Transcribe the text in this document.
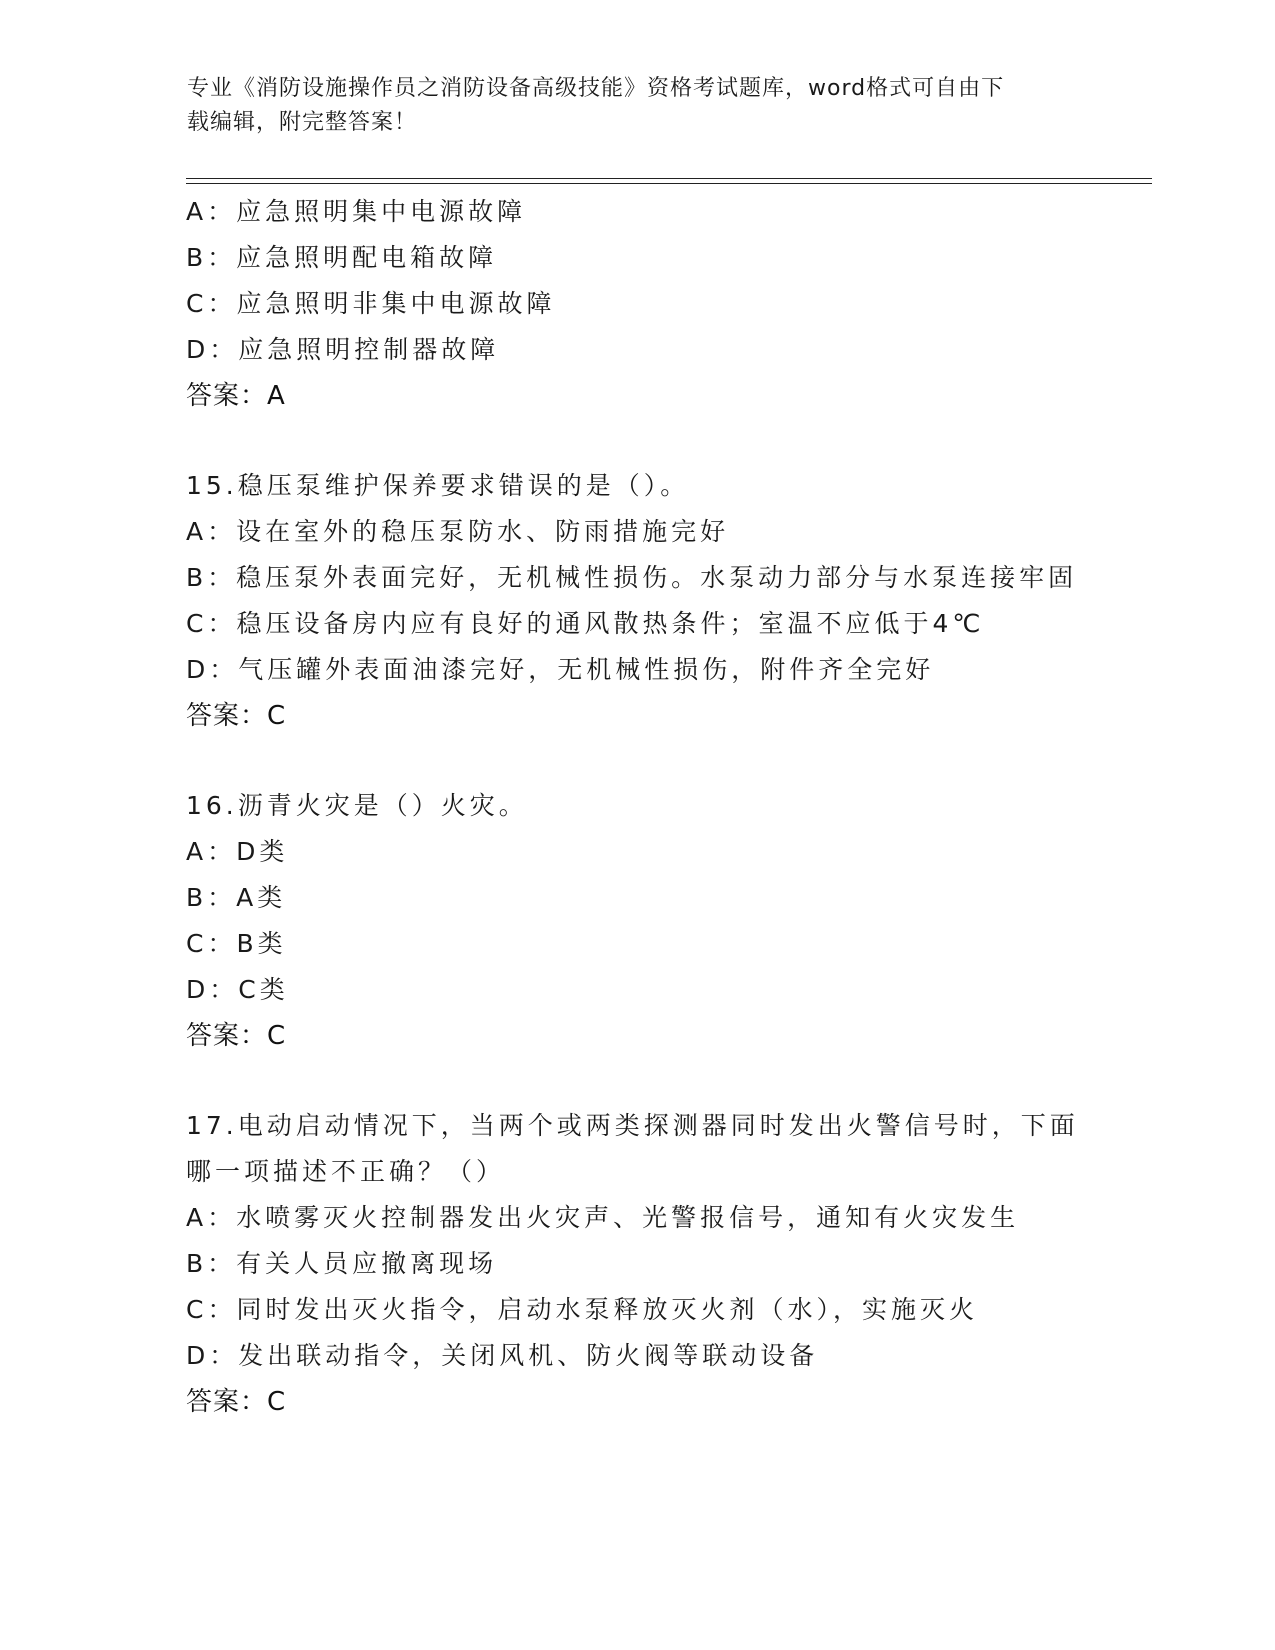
专业《消防设施操作员之消防设备高级技能》资格考试题库，word格式可自由下
载编辑，附完整答案！
A：应急照明集中电源故障
B：应急照明配电箱故障
C：应急照明非集中电源故障
D：应急照明控制器故障
答案：A
15.稳压泵维护保养要求错误的是（）。
A：设在室外的稳压泵防水、防雨措施完好
B：稳压泵外表面完好，无机械性损伤。水泵动力部分与水泵连接牢固
C：稳压设备房内应有良好的通风散热条件；室温不应低于4℃
D：气压罐外表面油漆完好，无机械性损伤，附件齐全完好
答案：C
16.沥青火灾是（）火灾。
A：D类
B：A类
C：B类
D：C类
答案：C
17.电动启动情况下，当两个或两类探测器同时发出火警信号时，下面
哪一项描述不正确？（）
A：水喷雾灭火控制器发出火灾声、光警报信号，通知有火灾发生
B：有关人员应撤离现场
C：同时发出灭火指令，启动水泵释放灭火剂（水），实施灭火
D：发出联动指令，关闭风机、防火阀等联动设备
答案：C
